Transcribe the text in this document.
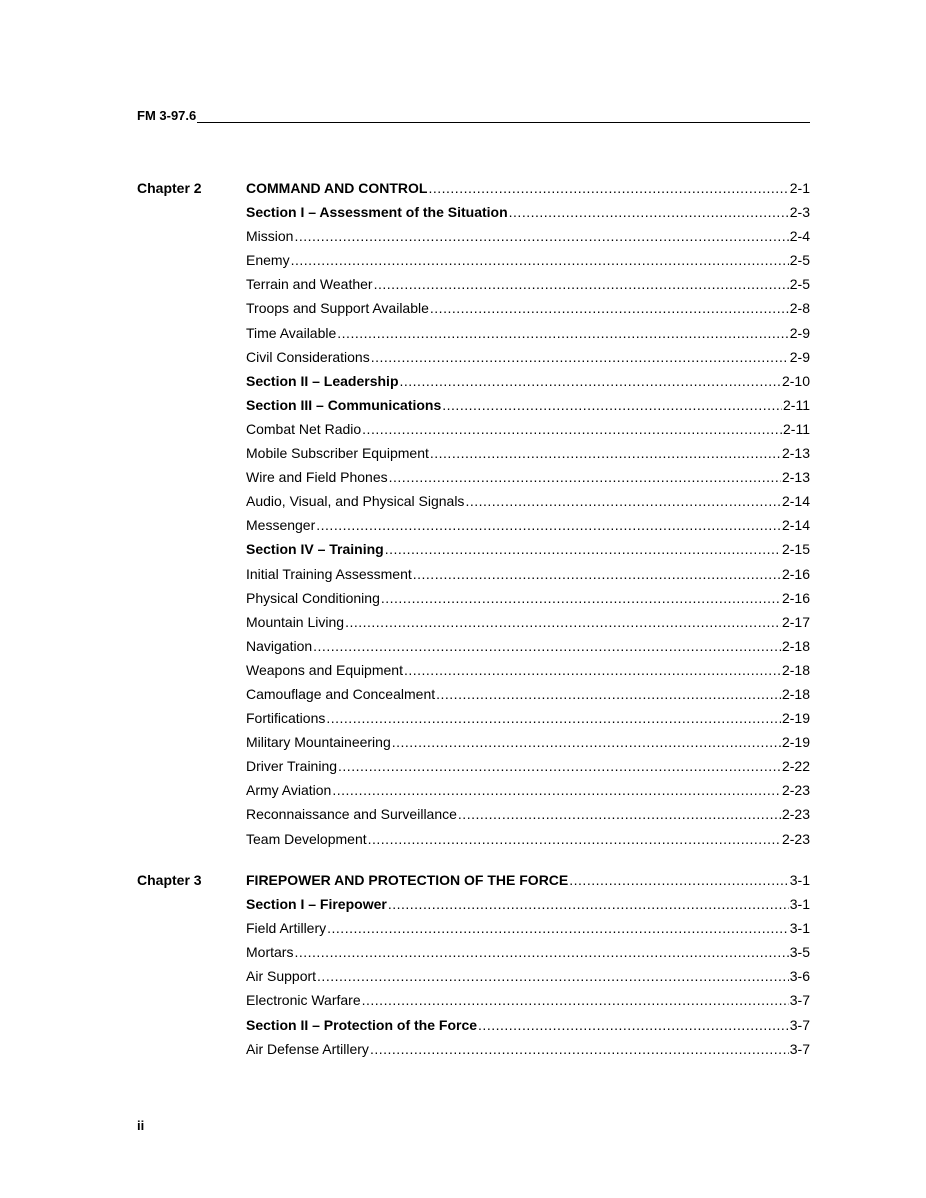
FM 3-97.6
Chapter 2	COMMAND AND CONTROL .....	2-1
Section I – Assessment of the Situation .....	2-3
Mission .....	2-4
Enemy .....	2-5
Terrain and Weather .....	2-5
Troops and Support Available .....	2-8
Time Available .....	2-9
Civil Considerations .....	2-9
Section II – Leadership .....	2-10
Section III – Communications .....	2-11
Combat Net Radio .....	2-11
Mobile Subscriber Equipment .....	2-13
Wire and Field Phones .....	2-13
Audio, Visual, and Physical Signals .....	2-14
Messenger .....	2-14
Section IV – Training .....	2-15
Initial Training Assessment .....	2-16
Physical Conditioning .....	2-16
Mountain Living .....	2-17
Navigation .....	2-18
Weapons and Equipment .....	2-18
Camouflage and Concealment .....	2-18
Fortifications .....	2-19
Military Mountaineering .....	2-19
Driver Training .....	2-22
Army Aviation .....	2-23
Reconnaissance and Surveillance .....	2-23
Team Development .....	2-23
Chapter 3	FIREPOWER AND PROTECTION OF THE FORCE .....	3-1
Section I – Firepower .....	3-1
Field Artillery .....	3-1
Mortars .....	3-5
Air Support .....	3-6
Electronic Warfare .....	3-7
Section II – Protection of the Force .....	3-7
Air Defense Artillery .....	3-7
ii
